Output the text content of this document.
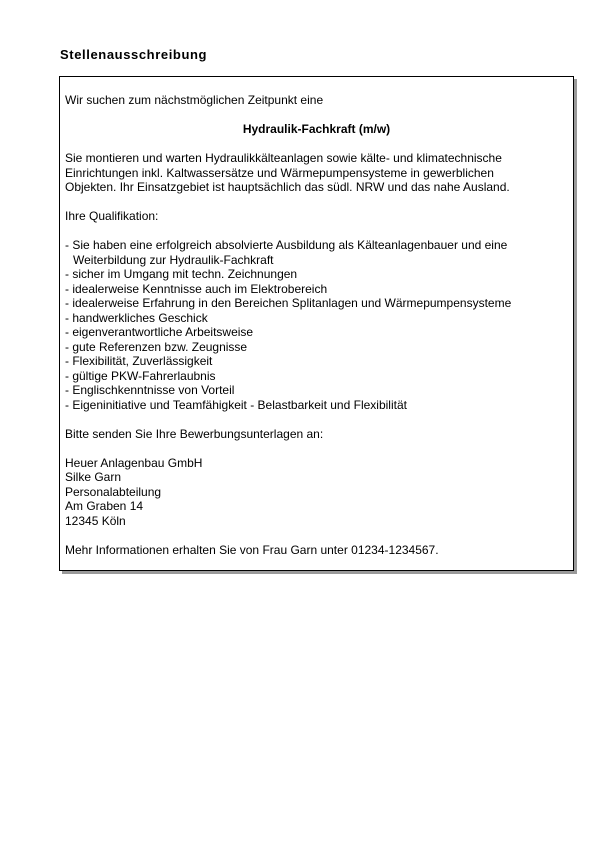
Stellenausschreibung

Wir suchen zum nächstmöglichen Zeitpunkt eine

Hydraulik-Fachkraft (m/w)

Sie montieren und warten Hydraulikkälteanlagen sowie kälte- und klimatechnische

Einrichtungen inkl. Kaltwassersätze und Wärmepumpensysteme in gewerblichen

Objekten. Ihr Einsatzgebiet ist hauptsächlich das südl. NRW und das nahe Ausland.

Ihre Qualifikation:

- Sie haben eine erfolgreich absolvierte Ausbildung als Kälteanlagenbauer und eine
Weiterbildung zur Hydraulik-Fachkraft
- sicher im Umgang mit techn. Zeichnungen
- idealerweise Kenntnisse auch im Elektrobereich
- idealerweise Erfahrung in den Bereichen Splitanlagen und Wärmepumpensysteme
- handwerkliches Geschick
- eigenverantwortliche Arbeitsweise
- gute Referenzen bzw. Zeugnisse
- Flexibilität, Zuverlässigkeit
- gültige PKW-Fahrerlaubnis
- Englischkenntnisse von Vorteil
- Eigeninitiative und Teamfähigkeit - Belastbarkeit und Flexibilität

Bitte senden Sie Ihre Bewerbungsunterlagen an:

Heuer Anlagenbau GmbH

Silke Garn

Personalabteilung

Am Graben 14

12345 Köln

Mehr Informationen erhalten Sie von Frau Garn unter 01234-1234567.
